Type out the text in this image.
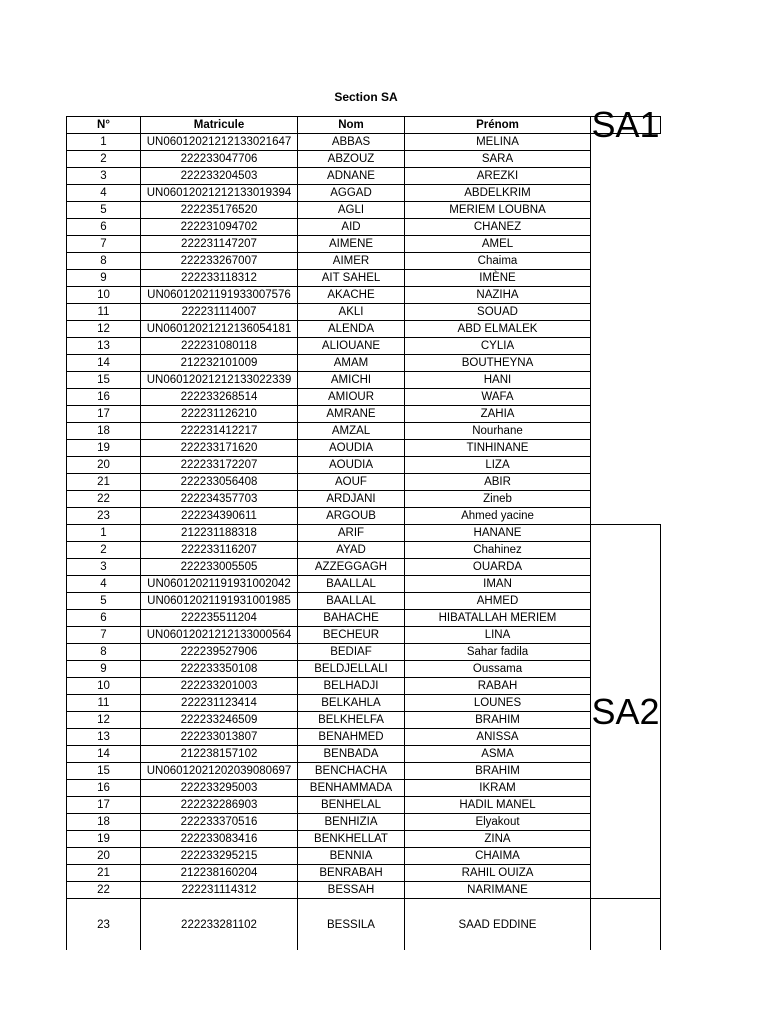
Section SA
N°	Matricule	Nom	Prénom	SA1
1	UN06012021212133021647	ABBAS	MELINA	
2	222233047706	ABZOUZ	SARA	
3	222233204503	ADNANE	AREZKI	
4	UN06012021212133019394	AGGAD	ABDELKRIM	
5	222235176520	AGLI	MERIEM LOUBNA	
6	222231094702	AID	CHANEZ	
7	222231147207	AIMENE	AMEL	
8	222233267007	AIMER	Chaima	
9	222233118312	AIT SAHEL	IMÈNE	
10	UN06012021191933007576	AKACHE	NAZIHA	
11	222231114007	AKLI	SOUAD	
12	UN06012021212136054181	ALENDA	ABD ELMALEK	
13	222231080118	ALIOUANE	CYLIA	
14	212232101009	AMAM	BOUTHEYNA	
15	UN06012021212133022339	AMICHI	HANI	
16	222233268514	AMIOUR	WAFA	
17	222231126210	AMRANE	ZAHIA	
18	222231412217	AMZAL	Nourhane	
19	222233171620	AOUDIA	TINHINANE	
20	222233172207	AOUDIA	LIZA	
21	222233056408	AOUF	ABIR	
22	222234357703	ARDJANI	Zineb	
23	222234390611	ARGOUB	Ahmed yacine	
1	212231188318	ARIF	HANANE	SA2
2	222233116207	AYAD	Chahinez	
3	222233005505	AZZEGGAGH	OUARDA	
4	UN06012021191931002042	BAALLAL	IMAN	
5	UN06012021191931001985	BAALLAL	AHMED	
6	222235511204	BAHACHE	HIBATALLAH MERIEM	
7	UN06012021212133000564	BECHEUR	LINA	
8	222239527906	BEDIAF	Sahar fadila	
9	222233350108	BELDJELLALI	Oussama	
10	222233201003	BELHADJI	RABAH	
11	222231123414	BELKAHLA	LOUNES	
12	222233246509	BELKHELFA	BRAHIM	
13	222233013807	BENAHMED	ANISSA	
14	212238157102	BENBADA	ASMA	
15	UN06012021202039080697	BENCHACHA	BRAHIM	
16	222233295003	BENHAMMADA	IKRAM	
17	222232286903	BENHELAL	HADIL MANEL	
18	222233370516	BENHIZIA	Elyakout	
19	222233083416	BENKHELLAT	ZINA	
20	222233295215	BENNIA	CHAIMA	
21	212238160204	BENRABAH	RAHIL OUIZA	
22	222231114312	BESSAH	NARIMANE	
23	222233281102	BESSILA	SAAD EDDINE	
